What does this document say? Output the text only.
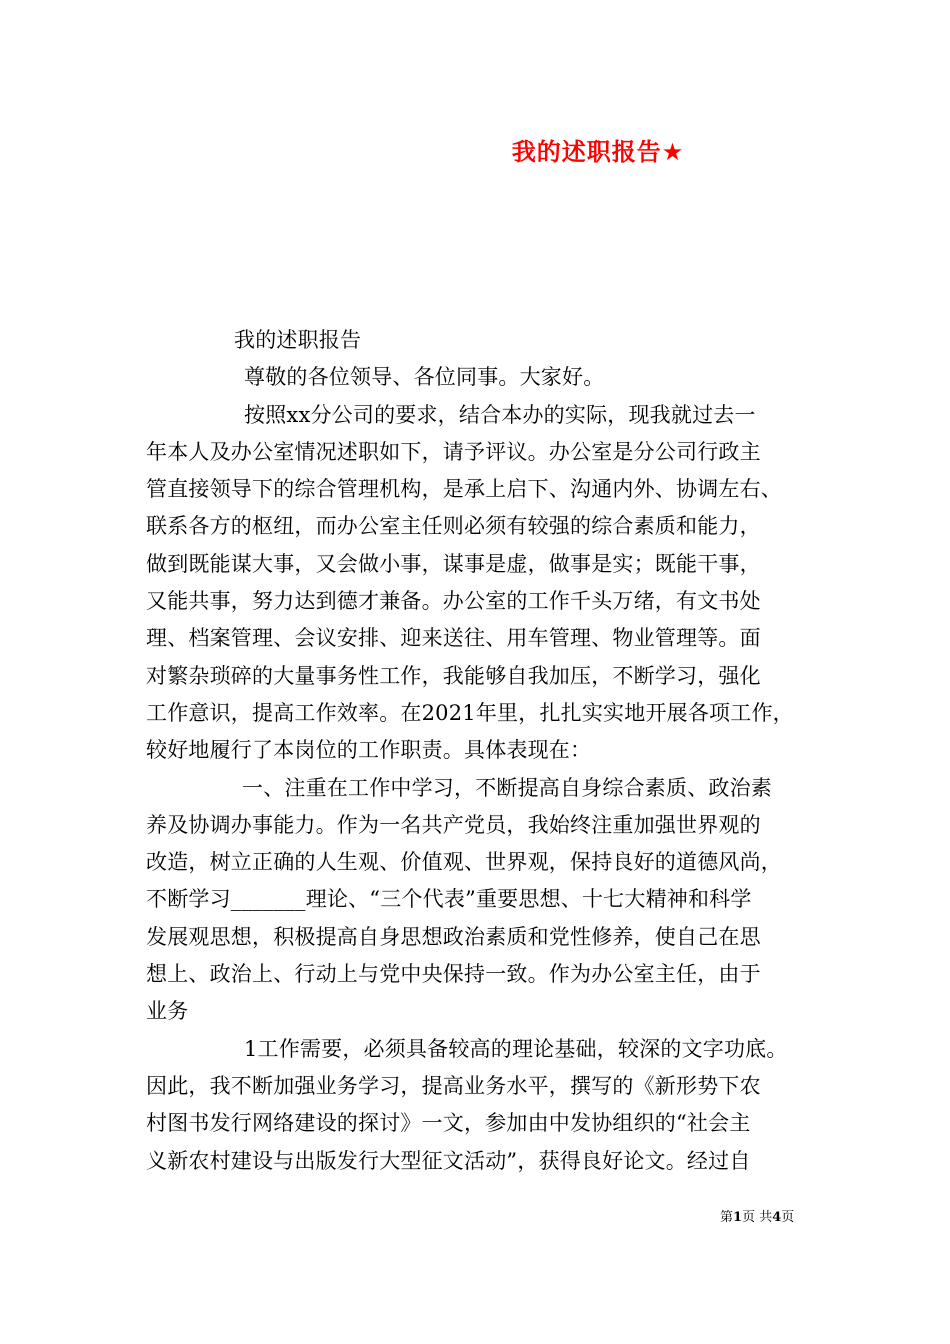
我的述职报告★
我的述职报告
尊敬的各位领导、各位同事。大家好。
按照xx分公司的要求，结合本办的实际，现我就过去一
年本人及办公室情况述职如下，请予评议。办公室是分公司行政主
管直接领导下的综合管理机构，是承上启下、沟通内外、协调左右、
联系各方的枢纽，而办公室主任则必须有较强的综合素质和能力，
做到既能谋大事，又会做小事，谋事是虚，做事是实；既能干事，
又能共事，努力达到德才兼备。办公室的工作千头万绪，有文书处
理、档案管理、会议安排、迎来送往、用车管理、物业管理等。面
对繁杂琐碎的大量事务性工作，我能够自我加压，不断学习，强化
工作意识，提高工作效率。在2021年里，扎扎实实地开展各项工作，
较好地履行了本岗位的工作职责。具体表现在：
一、注重在工作中学习，不断提高自身综合素质、政治素
养及协调办事能力。作为一名共产党员，我始终注重加强世界观的
改造，树立正确的人生观、价值观、世界观，保持良好的道德风尚，
不断学习_______理论、“三个代表”重要思想、十七大精神和科学
发展观思想，积极提高自身思想政治素质和党性修养，使自己在思
想上、政治上、行动上与党中央保持一致。作为办公室主任，由于
业务
1工作需要，必须具备较高的理论基础，较深的文字功底。
因此，我不断加强业务学习，提高业务水平，撰写的《新形势下农
村图书发行网络建设的探讨》一文，参加由中发协组织的“社会主
义新农村建设与出版发行大型征文活动”，获得良好论文。经过自
第1页 共4页
